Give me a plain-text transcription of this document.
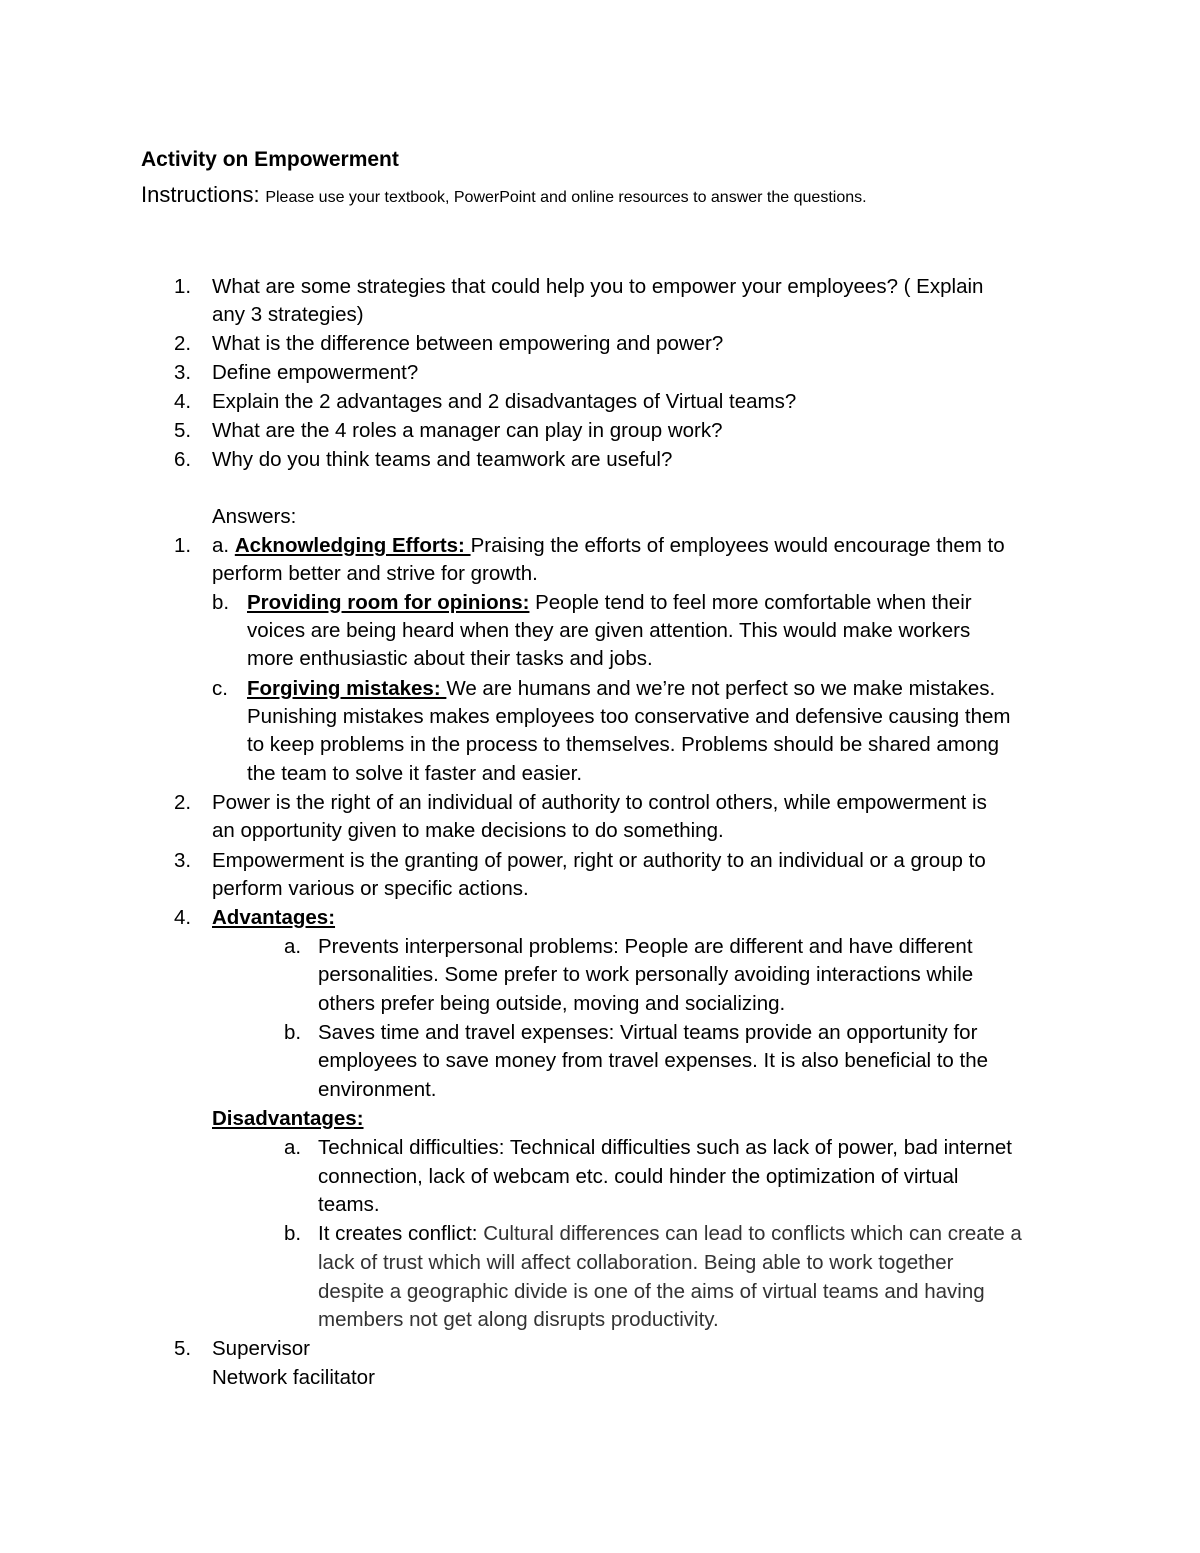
Activity on Empowerment
Instructions: Please use your textbook, PowerPoint and online resources to answer the questions.
1. What are some strategies that could help you to empower your employees? ( Explain
any 3 strategies)
2. What is the difference between empowering and power?
3. Define empowerment?
4. Explain the 2 advantages and 2 disadvantages of Virtual teams?
5. What are the 4 roles a manager can play in group work?
6. Why do you think teams and teamwork are useful?
Answers:
1. a. Acknowledging Efforts: Praising the efforts of employees would encourage them to
perform better and strive for growth.
b. Providing room for opinions: People tend to feel more comfortable when their
voices are being heard when they are given attention. This would make workers
more enthusiastic about their tasks and jobs.
c. Forgiving mistakes: We are humans and we’re not perfect so we make mistakes.
Punishing mistakes makes employees too conservative and defensive causing them
to keep problems in the process to themselves. Problems should be shared among
the team to solve it faster and easier.
2. Power is the right of an individual of authority to control others, while empowerment is
an opportunity given to make decisions to do something.
3. Empowerment is the granting of power, right or authority to an individual or a group to
perform various or specific actions.
4. Advantages:
a. Prevents interpersonal problems: People are different and have different
personalities. Some prefer to work personally avoiding interactions while
others prefer being outside, moving and socializing.
b. Saves time and travel expenses: Virtual teams provide an opportunity for
employees to save money from travel expenses. It is also beneficial to the
environment.
Disadvantages:
a. Technical difficulties: Technical difficulties such as lack of power, bad internet
connection, lack of webcam etc. could hinder the optimization of virtual
teams.
b. It creates conflict: Cultural differences can lead to conflicts which can create a
lack of trust which will affect collaboration. Being able to work together
despite a geographic divide is one of the aims of virtual teams and having
members not get along disrupts productivity.
5. Supervisor
Network facilitator
